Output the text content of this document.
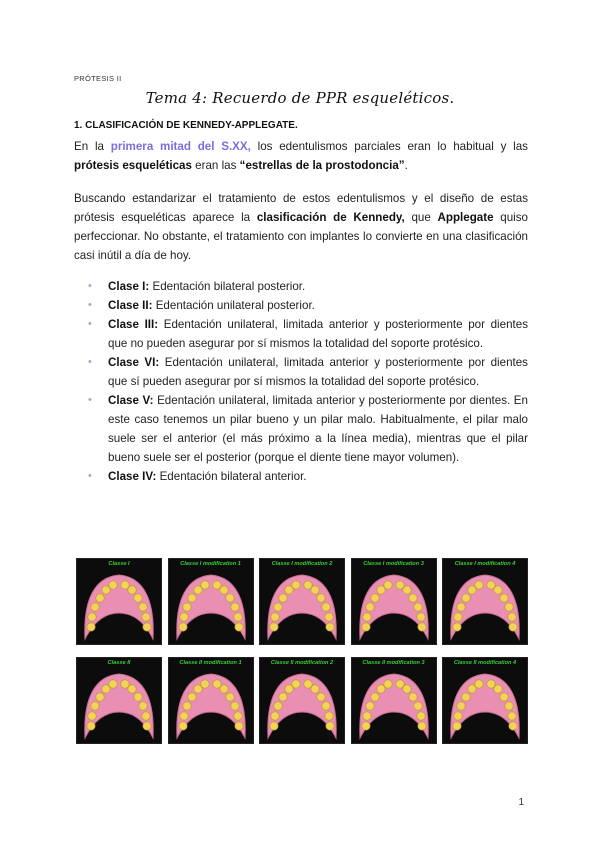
PRÓTESIS II
Tema 4: Recuerdo de PPR esqueléticos.
1. CLASIFICACIÓN DE KENNEDY-APPLEGATE.

En la primera mitad del S.XX, los edentulismos parciales eran lo habitual y las prótesis esqueléticas eran las “estrellas de la prostodoncia”.

Buscando estandarizar el tratamiento de estos edentulismos y el diseño de estas prótesis esqueléticas aparece la clasificación de Kennedy, que Applegate quiso perfeccionar. No obstante, el tratamiento con implantes lo convierte en una clasificación casi inútil a día de hoy.

• Clase I: Edentación bilateral posterior.
• Clase II: Edentación unilateral posterior.
• Clase III: Edentación unilateral, limitada anterior y posteriormente por dientes que no pueden asegurar por sí mismos la totalidad del soporte protésico.
• Clase VI: Edentación unilateral, limitada anterior y posteriormente por dientes que sí pueden asegurar por sí mismos la totalidad del soporte protésico.
• Clase V: Edentación unilateral, limitada anterior y posteriormente por dientes. En este caso tenemos un pilar bueno y un pilar malo. Habitualmente, el pilar malo suele ser el anterior (el más próximo a la línea media), mientras que el pilar bueno suele ser el posterior (porque el diente tiene mayor volumen).
• Clase IV: Edentación bilateral anterior.
Classe I	Classe I modification 1	Classe I modification 2	Classe I modification 3	Classe I modification 4
Classe II	Classe II modification 1	Classe II modification 2	Classe II modification 3	Classe II modification 4
1
